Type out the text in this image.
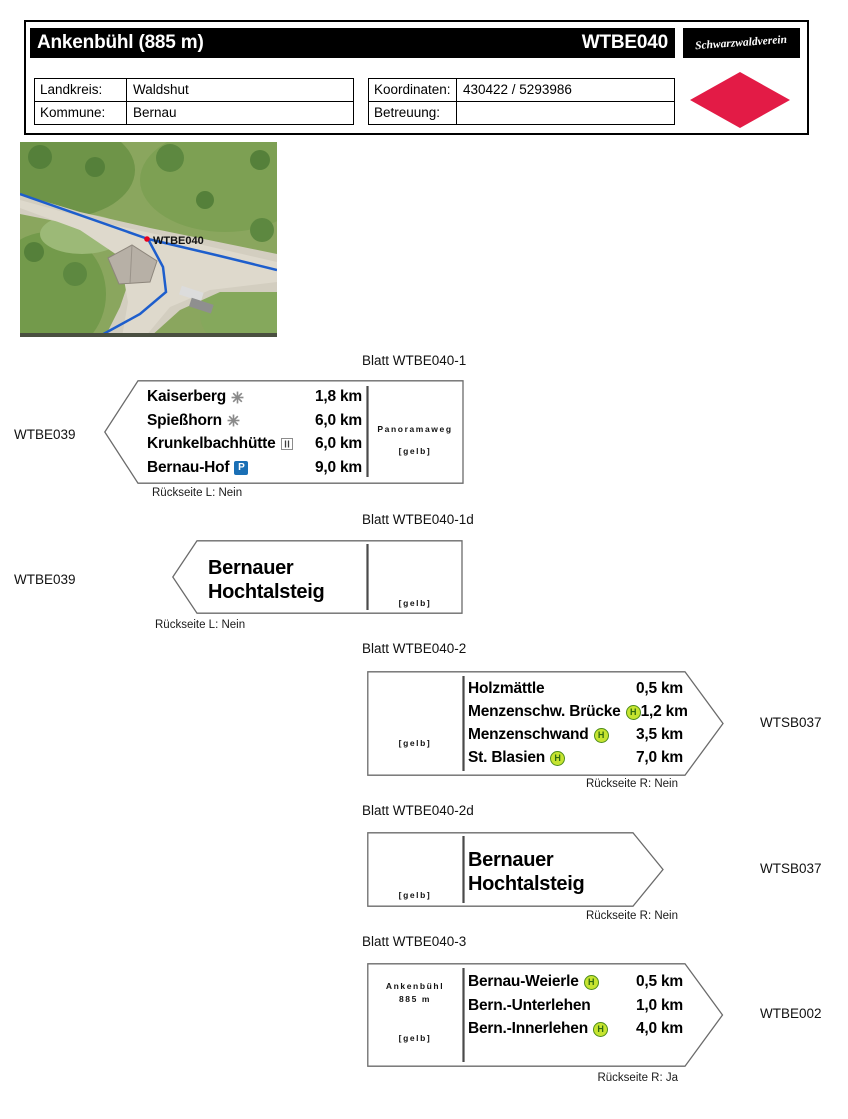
Ankenbühl (885 m)	WTBE040 Schwarzwaldverein
Landkreis:	Waldshut
Kommune:	Bernau
Koordinaten: 430422 / 5293986
Betreuung:
WTBE040
Blatt WTBE040-1
WTBE039
Kaiserberg	1,8 km
Spießhorn	6,0 km
Krunkelbachhütte	6,0 km
Bernau-Hof P	9,0 km
Panoramaweg
[gelb]
Rückseite L: Nein
Blatt WTBE040-1d
WTBE039
Bernauer
Hochtalsteig
[gelb]
Rückseite L: Nein
Blatt WTBE040-2
WTSB037
[gelb]
Holzmättle	0,5 km
Menzenschw. Brücke	H 1,2 km
Menzenschwand	H 3,5 km
St. Blasien	H	7,0 km
Rückseite R: Nein
Blatt WTBE040-2d
WTSB037
Bernauer
Hochtalsteig
[gelb]
Rückseite R: Nein
Blatt WTBE040-3
WTBE002
Ankenbühl
885 m
[gelb]
Bernau-Weierle	H	0,5 km
Bern.-Unterlehen	1,0 km
Bern.-Innerlehen	H 4,0 km
Rückseite R: Ja
